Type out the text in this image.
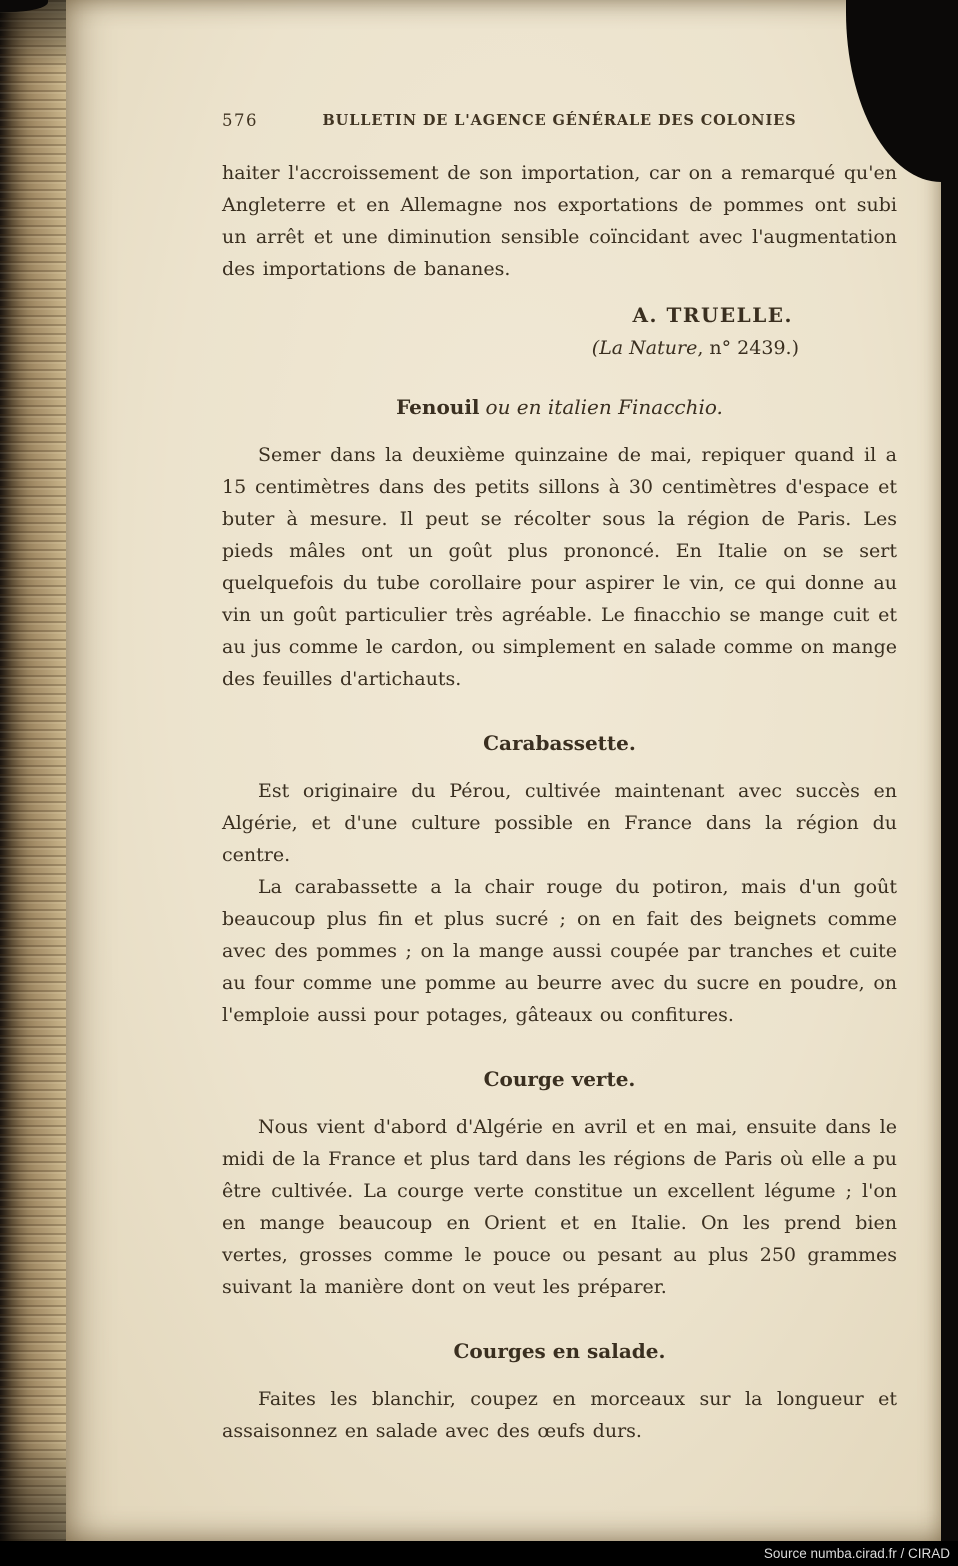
576	BULLETIN DE L'AGENCE GÉNÉRALE DES COLONIES

haiter l'accroissement de son importation, car on a remarqué qu'en Angleterre et en Allemagne nos exportations de pommes ont subi un arrêt et une diminution sensible coïncidant avec l'augmentation des importations de bananes.

A. TRUELLE.

(La Nature, n° 2439.)

Fenouil ou en italien Finacchio.

Semer dans la deuxième quinzaine de mai, repiquer quand il a 15 centimètres dans des petits sillons à 30 centimètres d'espace et buter à mesure. Il peut se récolter sous la région de Paris. Les pieds mâles ont un goût plus prononcé. En Italie on se sert quelquefois du tube corollaire pour aspirer le vin, ce qui donne au vin un goût particulier très agréable. Le finacchio se mange cuit et au jus comme le cardon, ou simplement en salade comme on mange des feuilles d'artichauts.

Carabassette.

Est originaire du Pérou, cultivée maintenant avec succès en Algérie, et d'une culture possible en France dans la région du centre.

La carabassette a la chair rouge du potiron, mais d'un goût beaucoup plus fin et plus sucré ; on en fait des beignets comme avec des pommes ; on la mange aussi coupée par tranches et cuite au four comme une pomme au beurre avec du sucre en poudre, on l'emploie aussi pour potages, gâteaux ou confitures.

Courge verte.

Nous vient d'abord d'Algérie en avril et en mai, ensuite dans le midi de la France et plus tard dans les régions de Paris où elle a pu être cultivée. La courge verte constitue un excellent légume ; l'on en mange beaucoup en Orient et en Italie. On les prend bien vertes, grosses comme le pouce ou pesant au plus 250 grammes suivant la manière dont on veut les préparer.

Courges en salade.

Faites les blanchir, coupez en morceaux sur la longueur et assaisonnez en salade avec des œufs durs.

Source numba.cirad.fr / CIRAD
